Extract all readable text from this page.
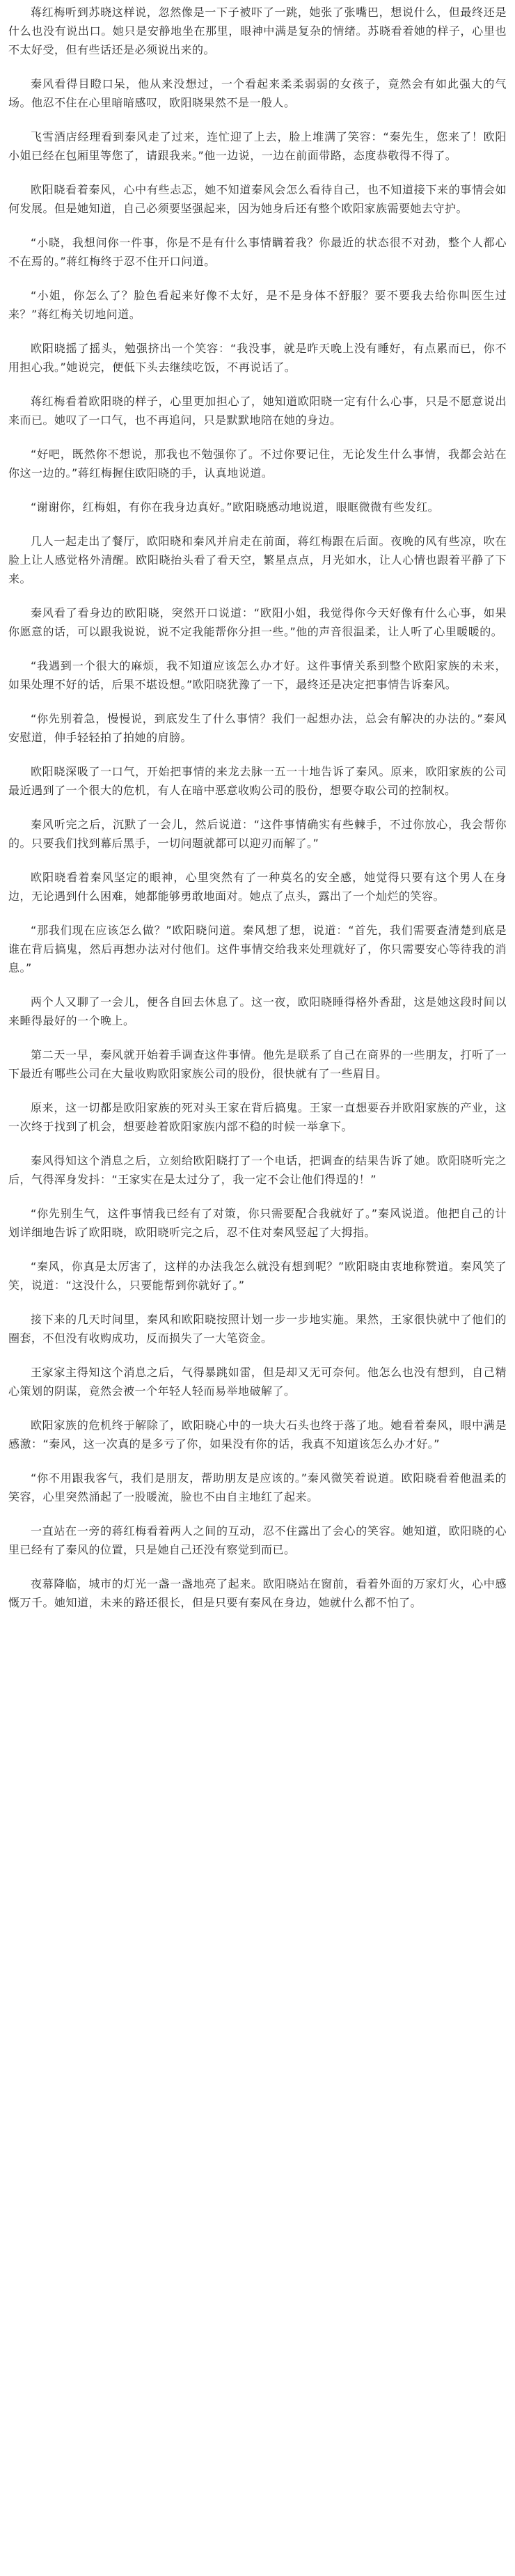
蒋红梅听到苏晓这样说，忽然像是一下子被吓了一跳，她张了张嘴巴，想说什么，但最终还是什么也没有说出口。她只是安静地坐在那里，眼神中满是复杂的情绪。苏晓看着她的样子，心里也不太好受，但有些话还是必须说出来的。

秦风看得目瞪口呆，他从来没想过，一个看起来柔柔弱弱的女孩子，竟然会有如此强大的气场。他忍不住在心里暗暗感叹，欧阳晓果然不是一般人。

飞雪酒店经理看到秦风走了过来，连忙迎了上去，脸上堆满了笑容：“秦先生，您来了！欧阳小姐已经在包厢里等您了，请跟我来。”他一边说，一边在前面带路，态度恭敬得不得了。

欧阳晓看着秦风，心中有些忐忑，她不知道秦风会怎么看待自己，也不知道接下来的事情会如何发展。但是她知道，自己必须要坚强起来，因为她身后还有整个欧阳家族需要她去守护。

“小晓，我想问你一件事，你是不是有什么事情瞒着我？你最近的状态很不对劲，整个人都心不在焉的。”蒋红梅终于忍不住开口问道。

“小姐，你怎么了？脸色看起来好像不太好，是不是身体不舒服？要不要我去给你叫医生过来？”蒋红梅关切地问道。

欧阳晓摇了摇头，勉强挤出一个笑容：“我没事，就是昨天晚上没有睡好，有点累而已，你不用担心我。”她说完，便低下头去继续吃饭，不再说话了。

蒋红梅看着欧阳晓的样子，心里更加担心了，她知道欧阳晓一定有什么心事，只是不愿意说出来而已。她叹了一口气，也不再追问，只是默默地陪在她的身边。

“好吧，既然你不想说，那我也不勉强你了。不过你要记住，无论发生什么事情，我都会站在你这一边的。”蒋红梅握住欧阳晓的手，认真地说道。

“谢谢你，红梅姐，有你在我身边真好。”欧阳晓感动地说道，眼眶微微有些发红。

几人一起走出了餐厅，欧阳晓和秦风并肩走在前面，蒋红梅跟在后面。夜晚的风有些凉，吹在脸上让人感觉格外清醒。欧阳晓抬头看了看天空，繁星点点，月光如水，让人心情也跟着平静了下来。

秦风看了看身边的欧阳晓，突然开口说道：“欧阳小姐，我觉得你今天好像有什么心事，如果你愿意的话，可以跟我说说，说不定我能帮你分担一些。”他的声音很温柔，让人听了心里暖暖的。

“我遇到一个很大的麻烦，我不知道应该怎么办才好。这件事情关系到整个欧阳家族的未来，如果处理不好的话，后果不堪设想。”欧阳晓犹豫了一下，最终还是决定把事情告诉秦风。

“你先别着急，慢慢说，到底发生了什么事情？我们一起想办法，总会有解决的办法的。”秦风安慰道，伸手轻轻拍了拍她的肩膀。

欧阳晓深吸了一口气，开始把事情的来龙去脉一五一十地告诉了秦风。原来，欧阳家族的公司最近遇到了一个很大的危机，有人在暗中恶意收购公司的股份，想要夺取公司的控制权。

秦风听完之后，沉默了一会儿，然后说道：“这件事情确实有些棘手，不过你放心，我会帮你的。只要我们找到幕后黑手，一切问题就都可以迎刃而解了。”

欧阳晓看着秦风坚定的眼神，心里突然有了一种莫名的安全感，她觉得只要有这个男人在身边，无论遇到什么困难，她都能够勇敢地面对。她点了点头，露出了一个灿烂的笑容。

“那我们现在应该怎么做？”欧阳晓问道。秦风想了想，说道：“首先，我们需要查清楚到底是谁在背后搞鬼，然后再想办法对付他们。这件事情交给我来处理就好了，你只需要安心等待我的消息。”

两个人又聊了一会儿，便各自回去休息了。这一夜，欧阳晓睡得格外香甜，这是她这段时间以来睡得最好的一个晚上。

第二天一早，秦风就开始着手调查这件事情。他先是联系了自己在商界的一些朋友，打听了一下最近有哪些公司在大量收购欧阳家族公司的股份，很快就有了一些眉目。

原来，这一切都是欧阳家族的死对头王家在背后搞鬼。王家一直想要吞并欧阳家族的产业，这一次终于找到了机会，想要趁着欧阳家族内部不稳的时候一举拿下。

秦风得知这个消息之后，立刻给欧阳晓打了一个电话，把调查的结果告诉了她。欧阳晓听完之后，气得浑身发抖：“王家实在是太过分了，我一定不会让他们得逞的！”

“你先别生气，这件事情我已经有了对策，你只需要配合我就好了。”秦风说道。他把自己的计划详细地告诉了欧阳晓，欧阳晓听完之后，忍不住对秦风竖起了大拇指。

“秦风，你真是太厉害了，这样的办法我怎么就没有想到呢？”欧阳晓由衷地称赞道。秦风笑了笑，说道：“这没什么，只要能帮到你就好了。”

接下来的几天时间里，秦风和欧阳晓按照计划一步一步地实施。果然，王家很快就中了他们的圈套，不但没有收购成功，反而损失了一大笔资金。

王家家主得知这个消息之后，气得暴跳如雷，但是却又无可奈何。他怎么也没有想到，自己精心策划的阴谋，竟然会被一个年轻人轻而易举地破解了。

欧阳家族的危机终于解除了，欧阳晓心中的一块大石头也终于落了地。她看着秦风，眼中满是感激：“秦风，这一次真的是多亏了你，如果没有你的话，我真不知道该怎么办才好。”

“你不用跟我客气，我们是朋友，帮助朋友是应该的。”秦风微笑着说道。欧阳晓看着他温柔的笑容，心里突然涌起了一股暖流，脸也不由自主地红了起来。

一直站在一旁的蒋红梅看着两人之间的互动，忍不住露出了会心的笑容。她知道，欧阳晓的心里已经有了秦风的位置，只是她自己还没有察觉到而已。

夜幕降临，城市的灯光一盏一盏地亮了起来。欧阳晓站在窗前，看着外面的万家灯火，心中感慨万千。她知道，未来的路还很长，但是只要有秦风在身边，她就什么都不怕了。
